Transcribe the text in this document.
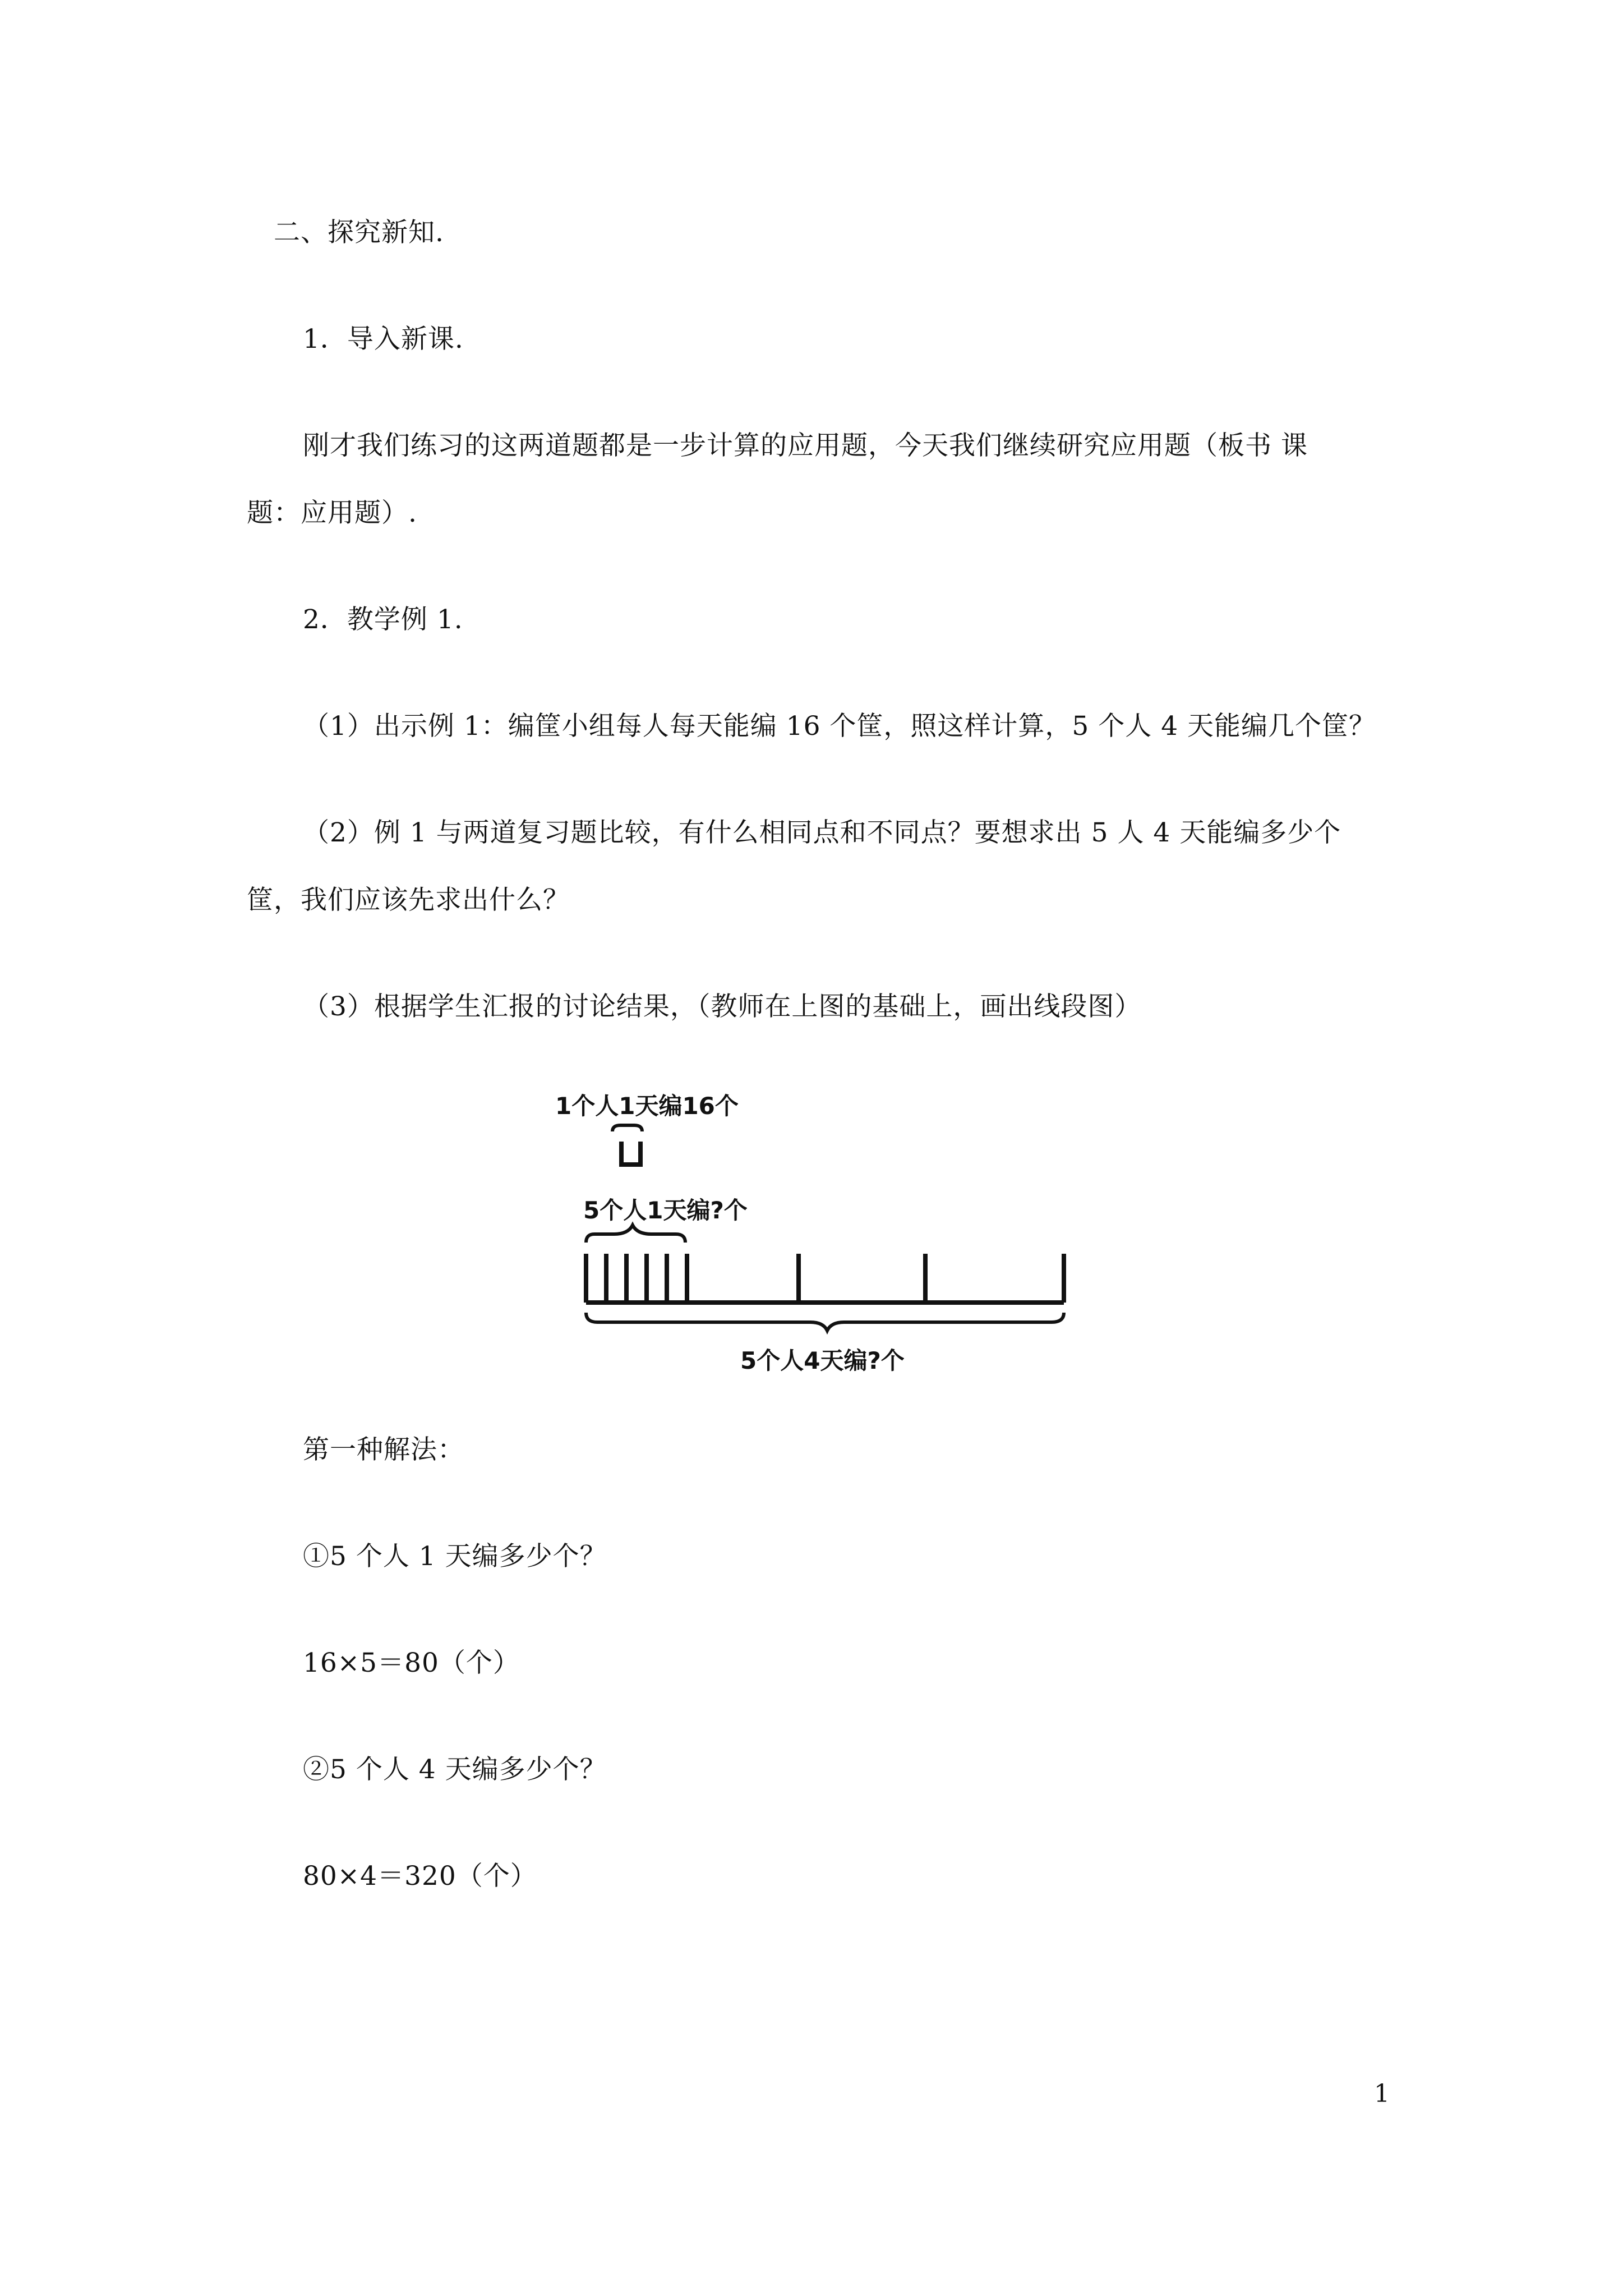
二、探究新知.
1．导入新课.
刚才我们练习的这两道题都是一步计算的应用题，今天我们继续研究应用题（板书 课
题：应用题）.
2．教学例 1.
（1）出示例 1：编筐小组每人每天能编 16 个筐，照这样计算，5 个人 4 天能编几个筐？
（2）例 1 与两道复习题比较，有什么相同点和不同点？要想求出 5 人 4 天能编多少个
筐，我们应该先求出什么？
（3）根据学生汇报的讨论结果，（教师在上图的基础上，画出线段图）
1个人1天编16个
5个人1天编?个
5个人4天编?个
第一种解法：
①5 个人 1 天编多少个？
16×5＝80（个）
②5 个人 4 天编多少个？
80×4＝320（个）
1
